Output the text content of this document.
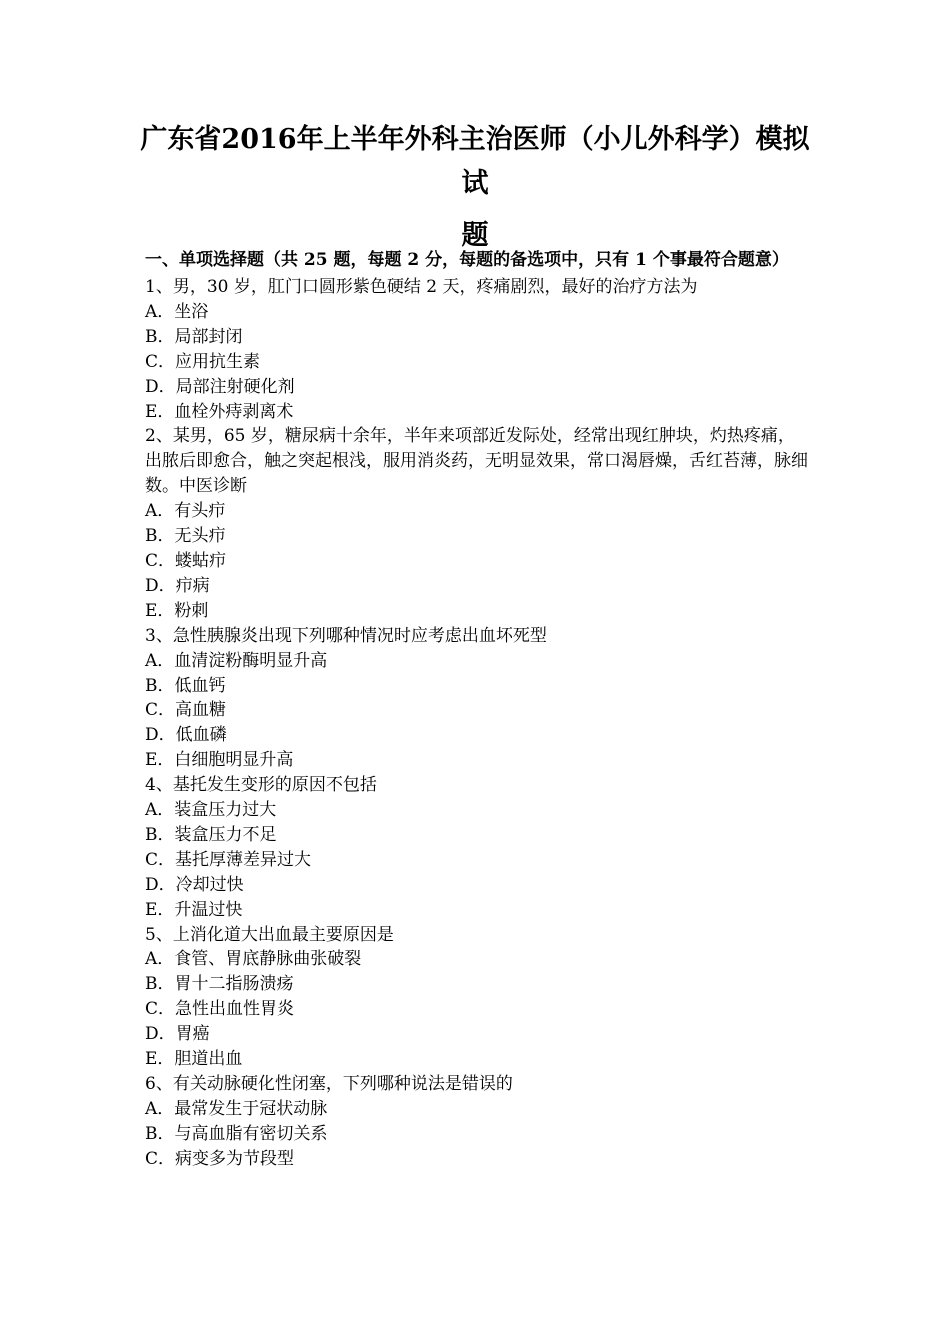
广东省2016年上半年外科主治医师（小儿外科学）模拟试
题

一、单项选择题（共 25 题，每题 2 分，每题的备选项中，只有 1 个事最符合题意）

1、男，30 岁，肛门口圆形紫色硬结 2 天，疼痛剧烈，最好的治疗方法为

A．坐浴

B．局部封闭

C．应用抗生素

D．局部注射硬化剂

E．血栓外痔剥离术

2、某男，65 岁，糖尿病十余年，半年来项部近发际处，经常出现红肿块，灼热疼痛，出脓后即愈合，触之突起根浅，服用消炎药，无明显效果，常口渴唇燥，舌红苔薄，脉细数。中医诊断

A．有头疖

B．无头疖

C．蝼蛄疖

D．疖病

E．粉刺

3、急性胰腺炎出现下列哪种情况时应考虑出血坏死型

A．血清淀粉酶明显升高

B．低血钙

C．高血糖

D．低血磷

E．白细胞明显升高

4、基托发生变形的原因不包括

A．装盒压力过大

B．装盒压力不足

C．基托厚薄差异过大

D．冷却过快

E．升温过快

5、上消化道大出血最主要原因是

A．食管、胃底静脉曲张破裂

B．胃十二指肠溃疡

C．急性出血性胃炎

D．胃癌

E．胆道出血

6、有关动脉硬化性闭塞，下列哪种说法是错误的

A．最常发生于冠状动脉

B．与高血脂有密切关系

C．病变多为节段型
